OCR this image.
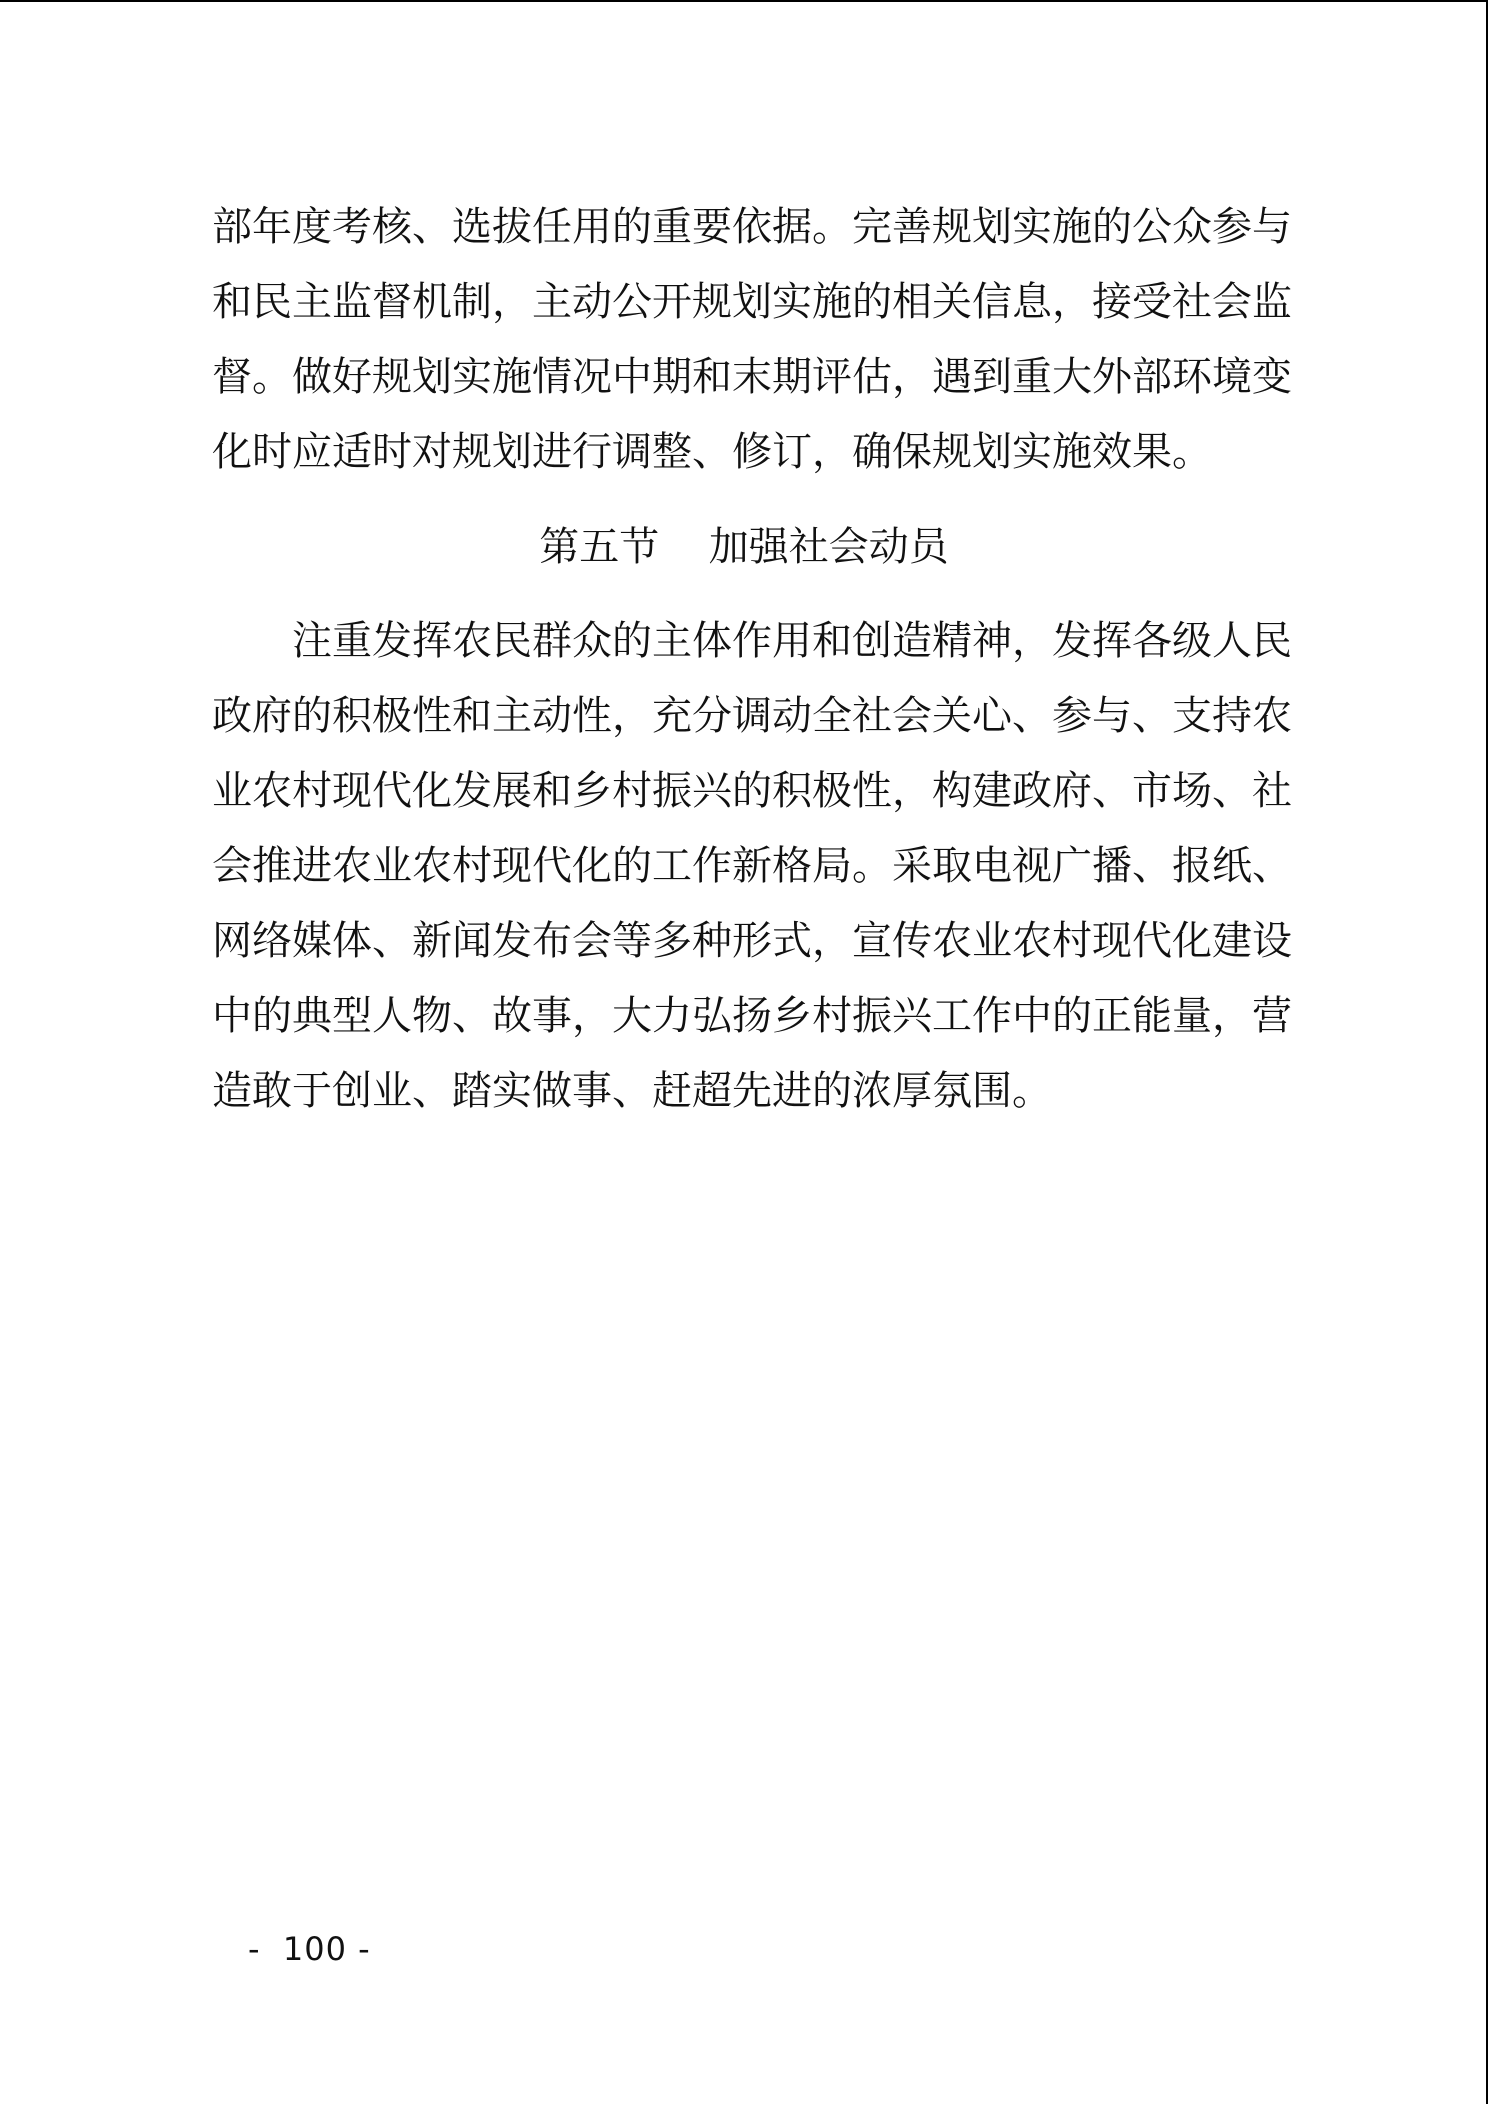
部年度考核、选拔任用的重要依据。完善规划实施的公众参与
和民主监督机制，主动公开规划实施的相关信息，接受社会监
督。做好规划实施情况中期和末期评估，遇到重大外部环境变
化时应适时对规划进行调整、修订，确保规划实施效果。
第五节  加强社会动员
注重发挥农民群众的主体作用和创造精神，发挥各级人民
政府的积极性和主动性，充分调动全社会关心、参与、支持农
业农村现代化发展和乡村振兴的积极性，构建政府、市场、社
会推进农业农村现代化的工作新格局。采取电视广播、报纸、
网络媒体、新闻发布会等多种形式，宣传农业农村现代化建设
中的典型人物、故事，大力弘扬乡村振兴工作中的正能量，营
造敢于创业、踏实做事、赶超先进的浓厚氛围。
-  100 -
